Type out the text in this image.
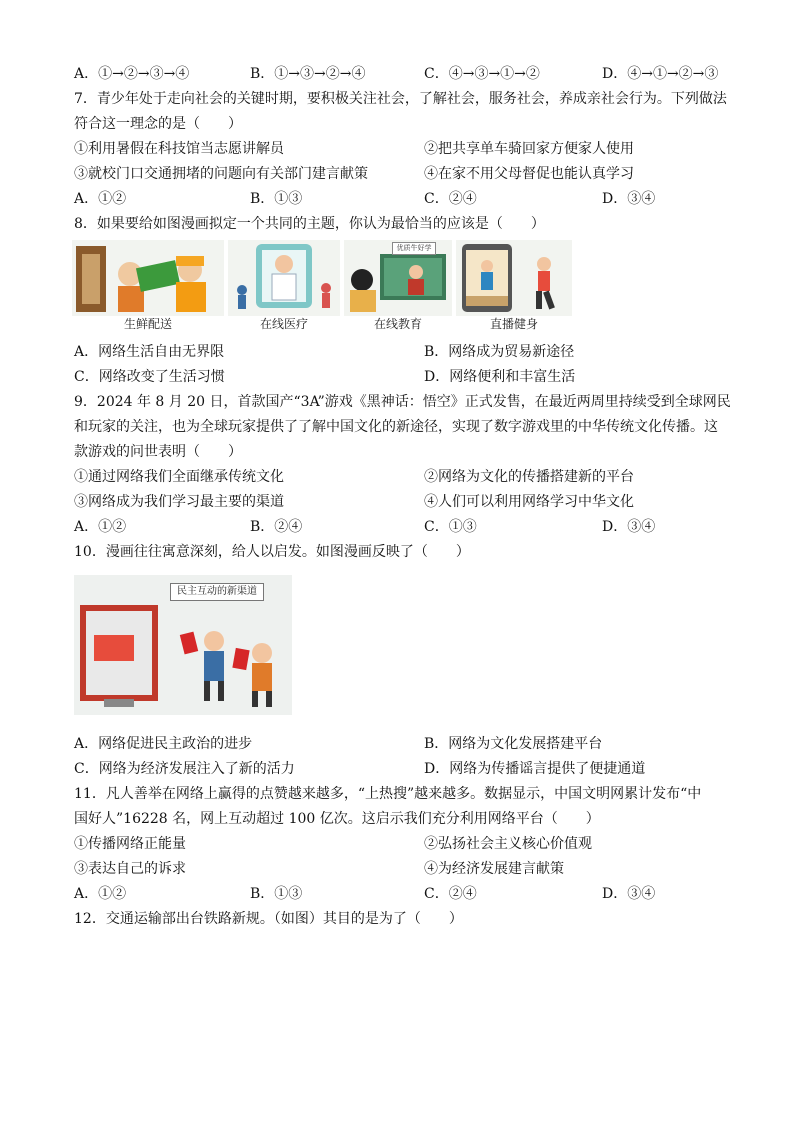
A．①→②→③→④	B．①→③→②→④	C．④→③→①→②	D．④→①→②→③
7．青少年处于走向社会的关键时期，要积极关注社会，了解社会，服务社会，养成亲社会行为。下列做法
符合这一理念的是（　　）
①利用暑假在科技馆当志愿讲解员	②把共享单车骑回家方便家人使用
③就校门口交通拥堵的问题向有关部门建言献策	④在家不用父母督促也能认真学习
A．①②	B．①③	C．②④	D．③④
8．如果要给如图漫画拟定一个共同的主题，你认为最恰当的应该是（　　）
生鲜配送	在线医疗
优质牛好学
在线教育	直播健身
A．网络生活自由无界限	B．网络成为贸易新途径
C．网络改变了生活习惯	D．网络便利和丰富生活
9．2024 年 8 月 20 日，首款国产“3A”游戏《黑神话：悟空》正式发售，在最近两周里持续受到全球网民
和玩家的关注，也为全球玩家提供了了解中国文化的新途径，实现了数字游戏里的中华传统文化传播。这
款游戏的问世表明（　　）
①通过网络我们全面继承传统文化	②网络为文化的传播搭建新的平台
③网络成为我们学习最主要的渠道	④人们可以利用网络学习中华文化
A．①②	B．②④	C．①③	D．③④
10．漫画往往寓意深刻，给人以启发。如图漫画反映了（　　）
民主互动的新渠道
A．网络促进民主政治的进步	B．网络为文化发展搭建平台
C．网络为经济发展注入了新的活力	D．网络为传播谣言提供了便捷通道
11．凡人善举在网络上赢得的点赞越来越多，“上热搜”越来越多。数据显示，中国文明网累计发布“中
国好人”16228 名，网上互动超过 100 亿次。这启示我们充分利用网络平台（　　）
①传播网络正能量	②弘扬社会主义核心价值观
③表达自己的诉求	④为经济发展建言献策
A．①②	B．①③	C．②④	D．③④
12．交通运输部出台铁路新规。（如图）其目的是为了（　　）
